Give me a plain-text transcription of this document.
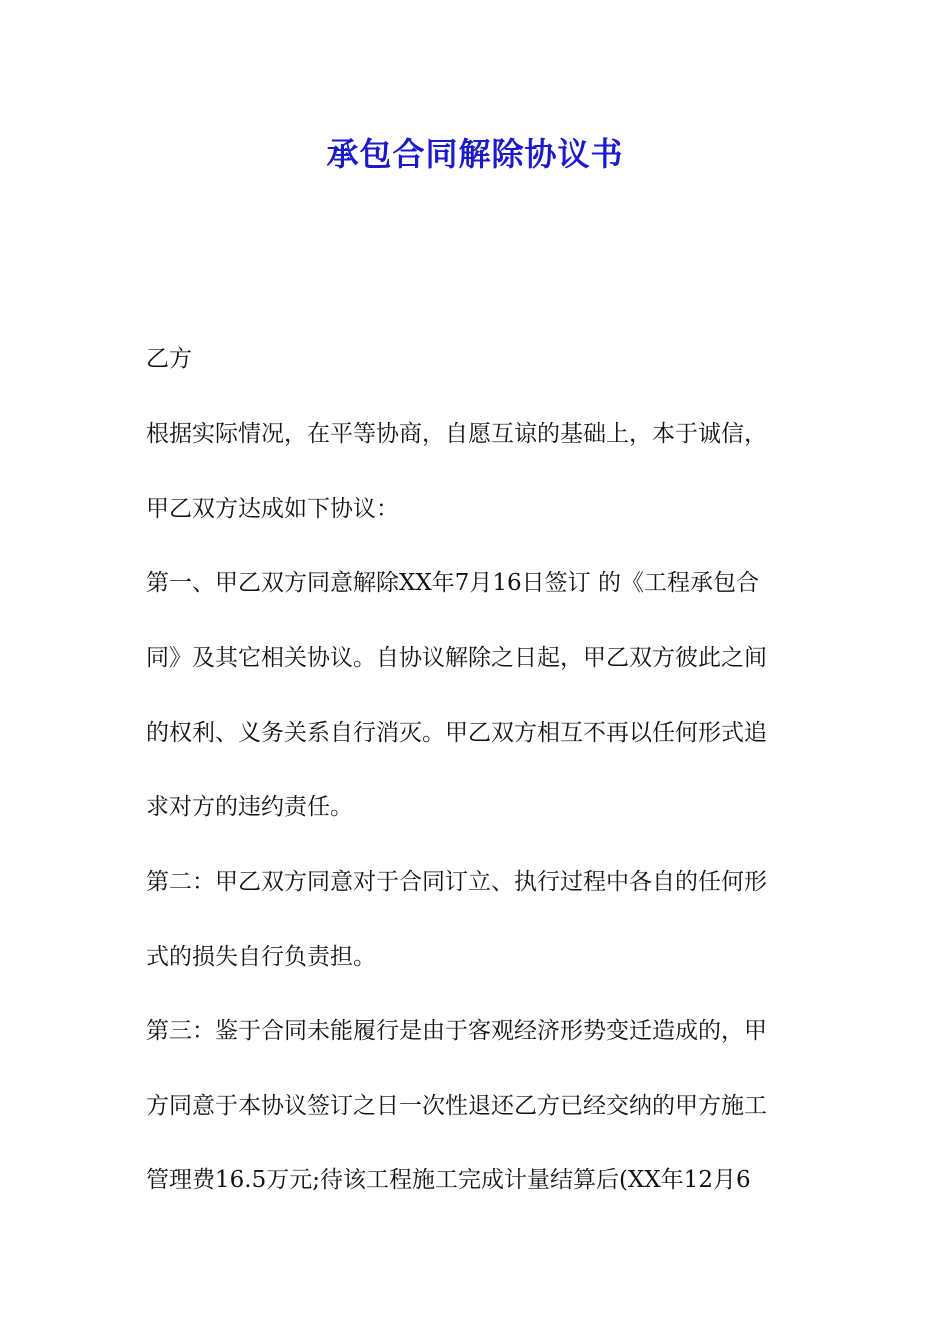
承包合同解除协议书
乙方
根据实际情况，在平等协商，自愿互谅的基础上，本于诚信，
甲乙双方达成如下协议：
第一、甲乙双方同意解除XX年7月16日签订 的《工程承包合
同》及其它相关协议。自协议解除之日起，甲乙双方彼此之间
的权利、义务关系自行消灭。甲乙双方相互不再以任何形式追
求对方的违约责任。
第二：甲乙双方同意对于合同订立、执行过程中各自的任何形
式的损失自行负责担。
第三：鉴于合同未能履行是由于客观经济形势变迁造成的，甲
方同意于本协议签订之日一次性退还乙方已经交纳的甲方施工
管理费16.5万元;待该工程施工完成计量结算后(XX年12月6
